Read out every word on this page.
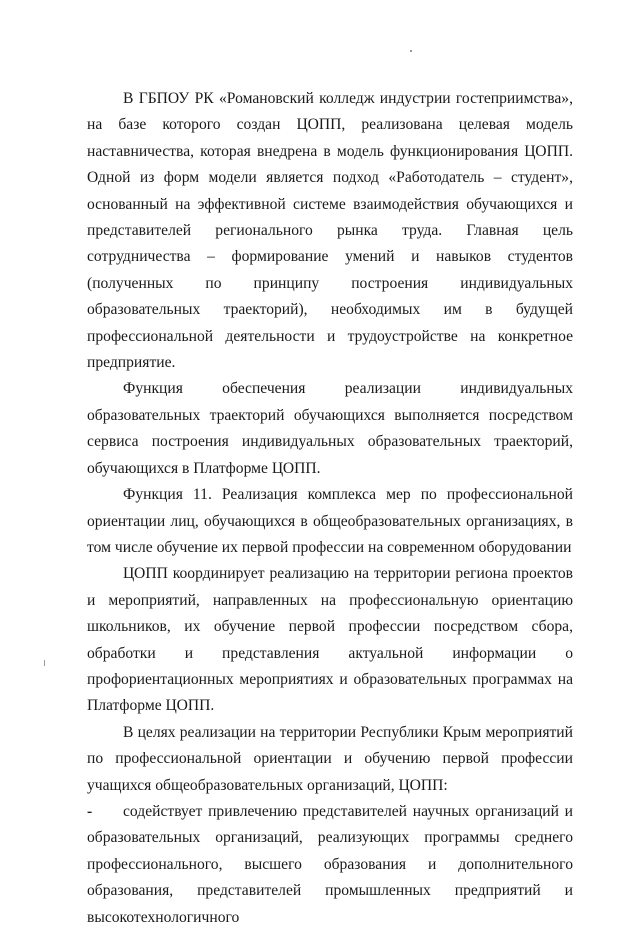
В ГБПОУ РК «Романовский колледж индустрии гостеприимства», на базе которого создан ЦОПП, реализована целевая модель наставничества, которая внедрена в модель функционирования ЦОПП. Одной из форм модели является подход «Работодатель – студент», основанный на эффективной системе взаимодействия обучающихся и представителей регионального рынка труда. Главная цель сотрудничества – формирование умений и навыков студентов (полученных по принципу построения индивидуальных образовательных траекторий), необходимых им в будущей профессиональной деятельности и трудоустройстве на конкретное предприятие.

Функция обеспечения реализации индивидуальных образовательных траекторий обучающихся выполняется посредством сервиса построения индивидуальных образовательных траекторий, обучающихся в Платформе ЦОПП.

Функция 11. Реализация комплекса мер по профессиональной ориентации лиц, обучающихся в общеобразовательных организациях, в том числе обучение их первой профессии на современном оборудовании

ЦОПП координирует реализацию на территории региона проектов и мероприятий, направленных на профессиональную ориентацию школьников, их обучение первой профессии посредством сбора, обработки и представления актуальной информации о профориентационных мероприятиях и образовательных программах на Платформе ЦОПП.

В целях реализации на территории Республики Крым мероприятий по профессиональной ориентации и обучению первой профессии учащихся общеобразовательных организаций, ЦОПП:

-	содействует привлечению представителей научных организаций и образовательных организаций, реализующих программы среднего профессионального, высшего образования и дополнительного образования, представителей промышленных предприятий и высокотехнологичного
